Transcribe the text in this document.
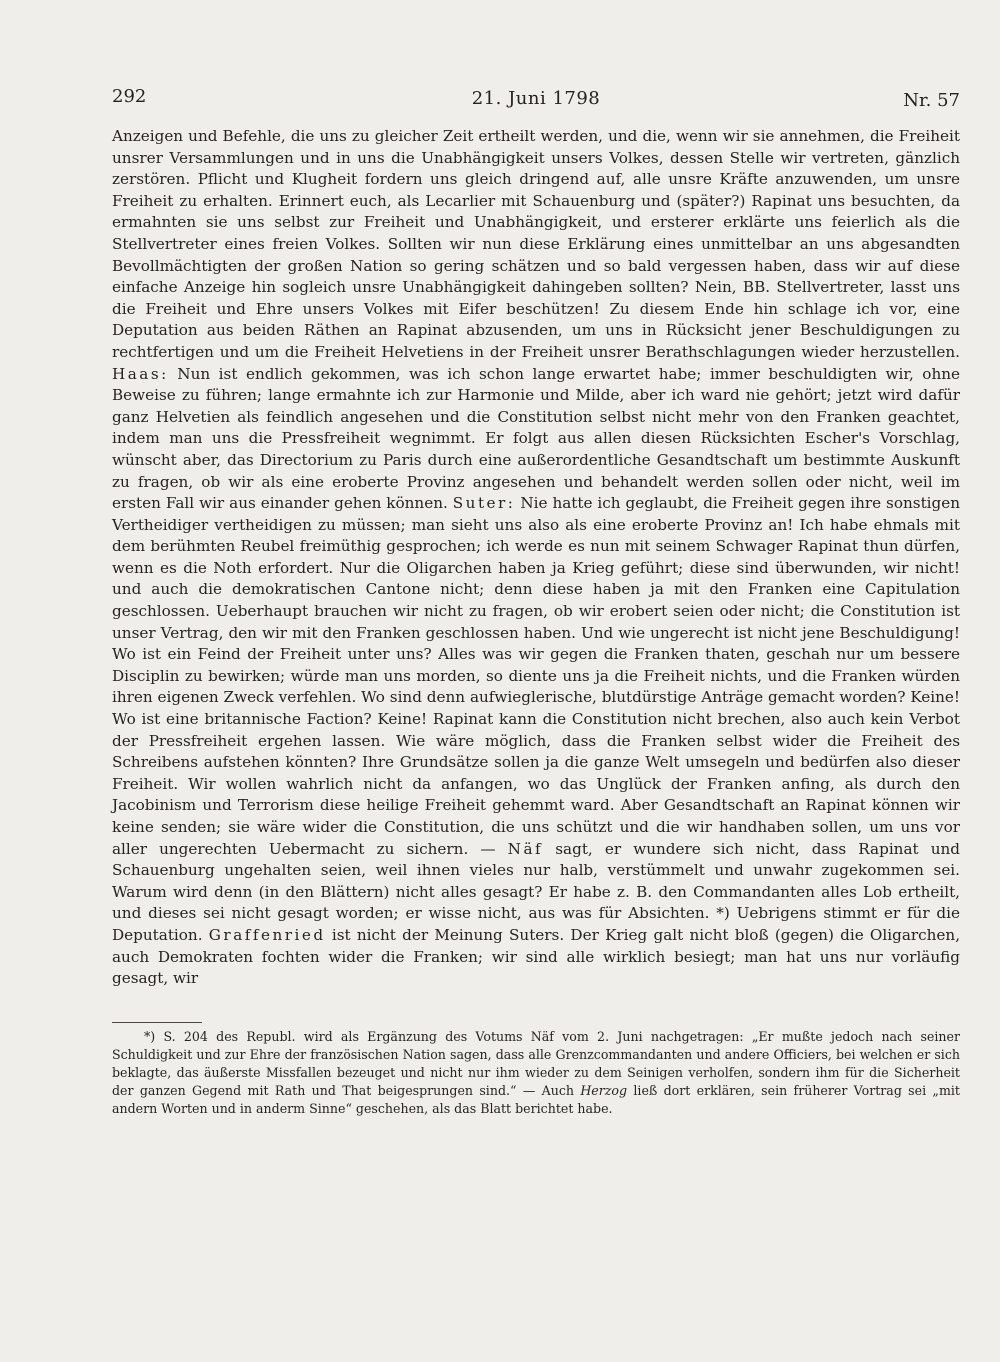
292	21. Juni 1798	Nr. 57

Anzeigen und Befehle, die uns zu gleicher Zeit ertheilt werden, und die, wenn wir sie annehmen, die Freiheit unsrer Versammlungen und in uns die Unabhängigkeit unsers Volkes, dessen Stelle wir vertreten, gänzlich zerstören. Pflicht und Klugheit fordern uns gleich dringend auf, alle unsre Kräfte anzuwenden, um unsre Freiheit zu erhalten. Erinnert euch, als Lecarlier mit Schauenburg und (später?) Rapinat uns besuchten, da ermahnten sie uns selbst zur Freiheit und Unabhängigkeit, und ersterer erklärte uns feierlich als die Stellvertreter eines freien Volkes. Sollten wir nun diese Erklärung eines unmittelbar an uns abgesandten Bevollmächtigten der großen Nation so gering schätzen und so bald vergessen haben, dass wir auf diese einfache Anzeige hin sogleich unsre Unabhängigkeit dahingeben sollten? Nein, BB. Stellvertreter, lasst uns die Freiheit und Ehre unsers Volkes mit Eifer beschützen! Zu diesem Ende hin schlage ich vor, eine Deputation aus beiden Räthen an Rapinat abzusenden, um uns in Rücksicht jener Beschuldigungen zu rechtfertigen und um die Freiheit Helvetiens in der Freiheit unsrer Berathschlagungen wieder herzustellen. Haas: Nun ist endlich gekommen, was ich schon lange erwartet habe; immer beschuldigten wir, ohne Beweise zu führen; lange ermahnte ich zur Harmonie und Milde, aber ich ward nie gehört; jetzt wird dafür ganz Helvetien als feindlich angesehen und die Constitution selbst nicht mehr von den Franken geachtet, indem man uns die Pressfreiheit wegnimmt. Er folgt aus allen diesen Rücksichten Escher's Vorschlag, wünscht aber, das Directorium zu Paris durch eine außerordentliche Gesandtschaft um bestimmte Auskunft zu fragen, ob wir als eine eroberte Provinz angesehen und behandelt werden sollen oder nicht, weil im ersten Fall wir aus einander gehen können. Suter: Nie hatte ich geglaubt, die Freiheit gegen ihre sonstigen Vertheidiger vertheidigen zu müssen; man sieht uns also als eine eroberte Provinz an! Ich habe ehmals mit dem berühmten Reubel freimüthig gesprochen; ich werde es nun mit seinem Schwager Rapinat thun dürfen, wenn es die Noth erfordert. Nur die Oligarchen haben ja Krieg geführt; diese sind überwunden, wir nicht! und auch die demokratischen Cantone nicht; denn diese haben ja mit den Franken eine Capitulation geschlossen. Ueberhaupt brauchen wir nicht zu fragen, ob wir erobert seien oder nicht; die Constitution ist unser Vertrag, den wir mit den Franken geschlossen haben. Und wie ungerecht ist nicht jene Beschuldigung! Wo ist ein Feind der Freiheit unter uns? Alles was wir gegen die Franken thaten, geschah nur um bessere Disciplin zu bewirken; würde man uns morden, so diente uns ja die Freiheit nichts, und die Franken würden ihren eigenen Zweck verfehlen. Wo sind denn aufwieglerische, blutdürstige Anträge gemacht worden? Keine! Wo ist eine britannische Faction? Keine! Rapinat kann die Constitution nicht brechen, also auch kein Verbot der Pressfreiheit ergehen lassen. Wie wäre möglich, dass die Franken selbst wider die Freiheit des Schreibens aufstehen könnten? Ihre Grundsätze sollen ja die ganze Welt umsegeln und bedürfen also dieser Freiheit. Wir wollen wahrlich nicht da anfangen, wo das Unglück der Franken anfing, als durch den Jacobinism und Terrorism diese heilige Freiheit gehemmt ward. Aber Gesandtschaft an Rapinat können wir keine senden; sie wäre wider die Constitution, die uns schützt und die wir handhaben sollen, um uns vor aller ungerechten Uebermacht zu sichern. — Näf sagt, er wundere sich nicht, dass Rapinat und Schauenburg ungehalten seien, weil ihnen vieles nur halb, verstümmelt und unwahr zugekommen sei. Warum wird denn (in den Blättern) nicht alles gesagt? Er habe z. B. den Commandanten alles Lob ertheilt, und dieses sei nicht gesagt worden; er wisse nicht, aus was für Absichten. *) Uebrigens stimmt er für die Deputation. Graffenried ist nicht der Meinung Suters. Der Krieg galt nicht bloß (gegen) die Oligarchen, auch Demokraten fochten wider die Franken; wir sind alle wirklich besiegt; man hat uns nur vorläufig gesagt, wir

*) S. 204 des Republ. wird als Ergänzung des Votums Näf vom 2. Juni nachgetragen: „Er mußte jedoch nach seiner Schuldigkeit und zur Ehre der französischen Nation sagen, dass alle Grenzcommandanten und andere Officiers, bei welchen er sich beklagte, das äußerste Missfallen bezeuget und nicht nur ihm wieder zu dem Seinigen verholfen, sondern ihm für die Sicherheit der ganzen Gegend mit Rath und That beigesprungen sind.“ — Auch Herzog ließ dort erklären, sein früherer Vortrag sei „mit andern Worten und in anderm Sinne“ geschehen, als das Blatt berichtet habe.
